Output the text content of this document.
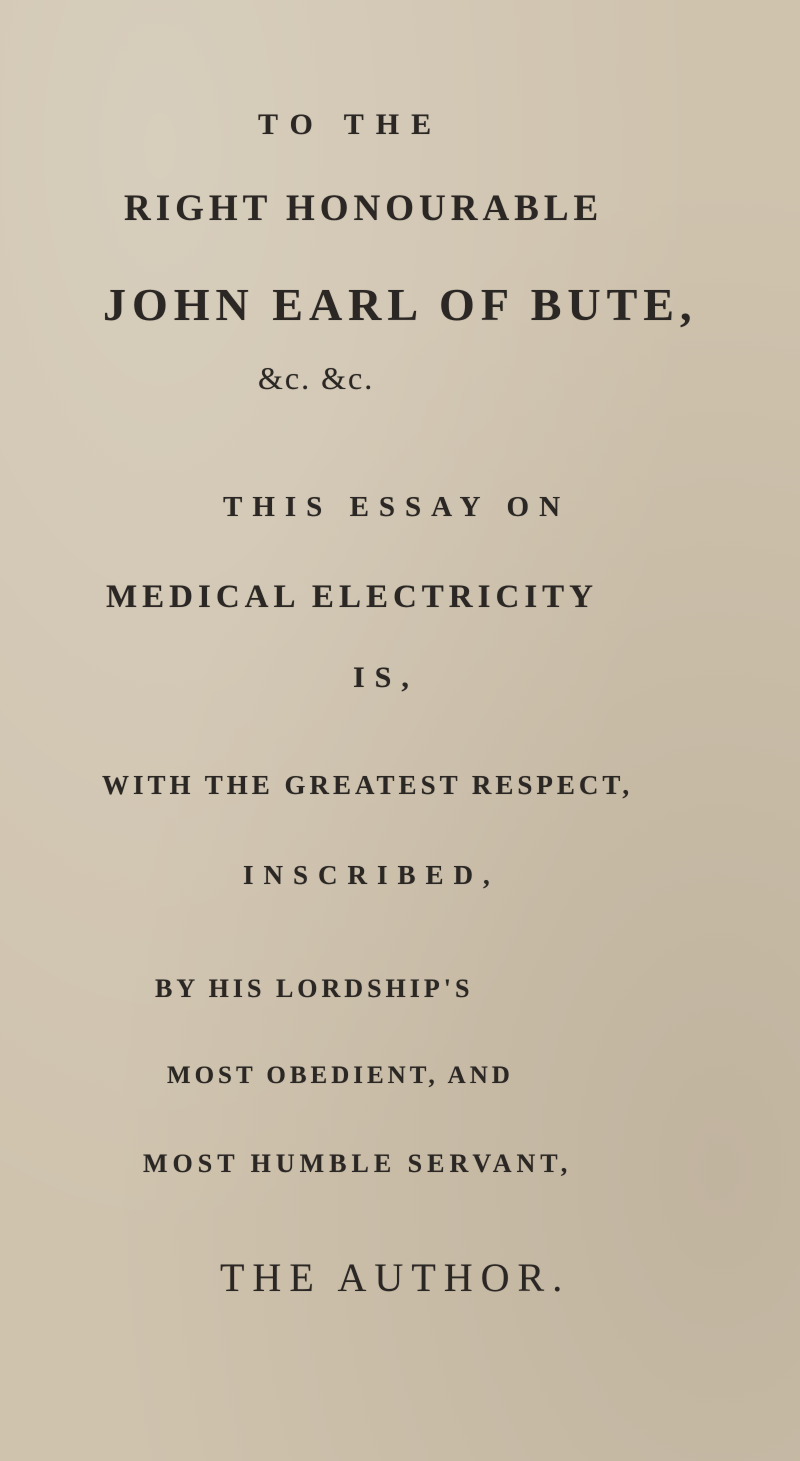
TO THE
RIGHT HONOURABLE
JOHN EARL OF BUTE,
&c. &c.
THIS ESSAY ON
MEDICAL ELECTRICITY
IS,
WITH THE GREATEST RESPECT,
INSCRIBED,
BY HIS LORDSHIP'S
MOST OBEDIENT, AND
MOST HUMBLE SERVANT,
THE AUTHOR.
